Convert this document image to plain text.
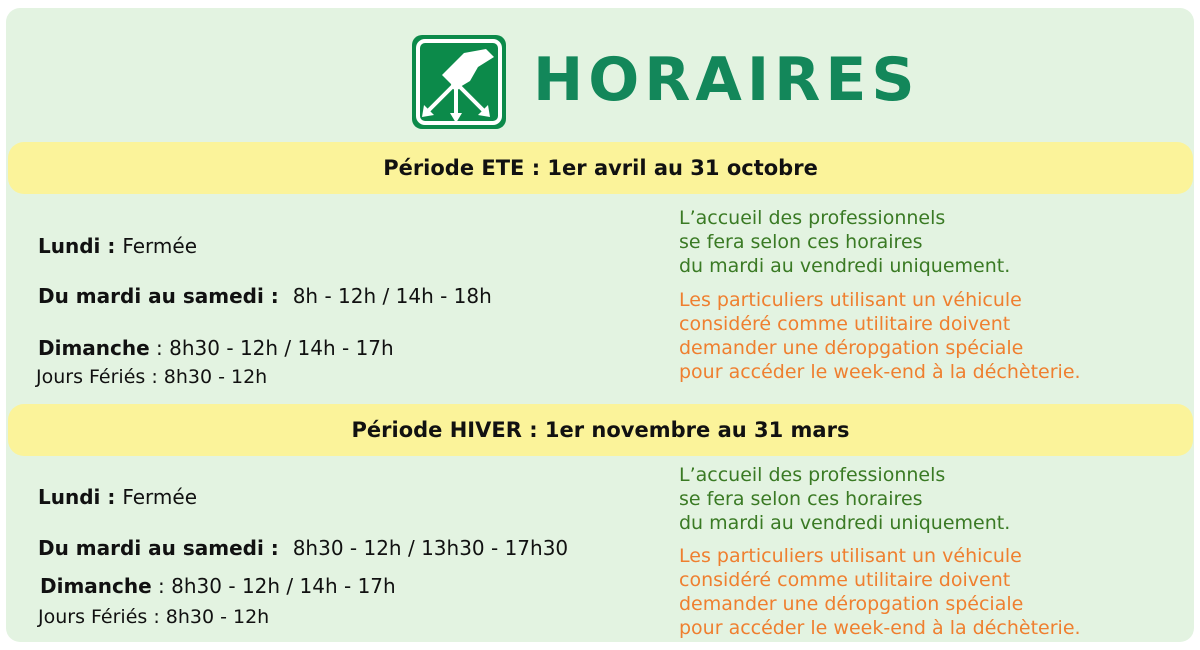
HORAIRES
Période ETE : 1er avril au 31 octobre
Lundi : Fermée
Du mardi au samedi :  8h - 12h / 14h - 18h
Dimanche : 8h30 - 12h / 14h - 17h
Jours Fériés : 8h30 - 12h
L’accueil des professionnels
se fera selon ces horaires
du mardi au vendredi uniquement.
Les particuliers utilisant un véhicule
considéré comme utilitaire doivent
demander une déropgation spéciale
pour accéder le week-end à la déchèterie.
Période HIVER : 1er novembre au 31 mars
Lundi : Fermée
Du mardi au samedi :  8h30 - 12h / 13h30 - 17h30
Dimanche : 8h30 - 12h / 14h - 17h
Jours Fériés : 8h30 - 12h
L’accueil des professionnels
se fera selon ces horaires
du mardi au vendredi uniquement.
Les particuliers utilisant un véhicule
considéré comme utilitaire doivent
demander une déropgation spéciale
pour accéder le week-end à la déchèterie.
